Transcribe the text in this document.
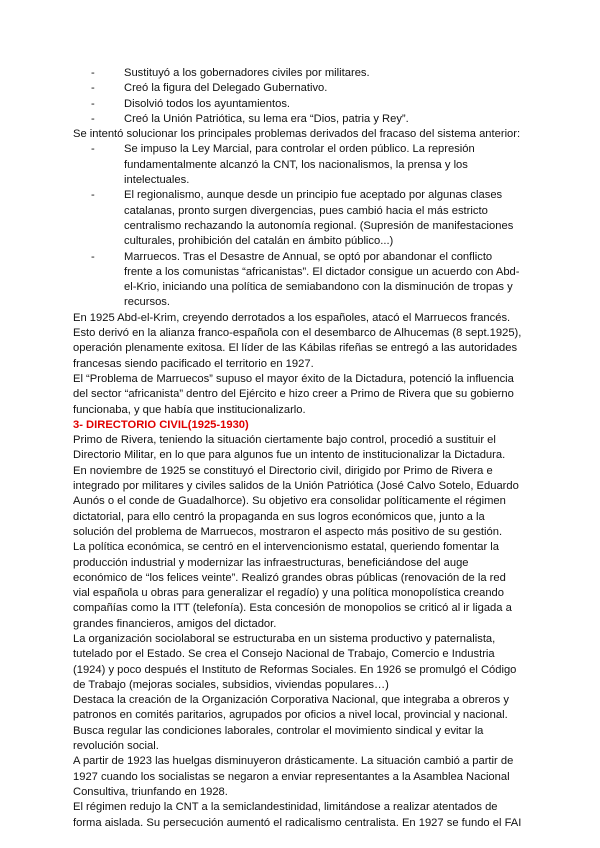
-	Sustituyó a los gobernadores civiles por militares.
-	Creó la figura del Delegado Gubernativo.
-	Disolvió todos los ayuntamientos.
-	Creó la Unión Patriótica, su lema era “Dios, patria y Rey”.

Se intentó solucionar los principales problemas derivados del fracaso del sistema anterior:

-	Se impuso la Ley Marcial, para controlar el orden público. La represión fundamentalmente alcanzó la CNT, los nacionalismos, la prensa y los intelectuales.
-	El regionalismo, aunque desde un principio fue aceptado por algunas clases catalanas, pronto surgen divergencias, pues cambió hacia el más estricto centralismo rechazando la autonomía regional. (Supresión de manifestaciones culturales, prohibición del catalán en ámbito público...)
-	Marruecos. Tras el Desastre de Annual, se optó por abandonar el conflicto frente a los comunistas “africanistas”. El dictador consigue un acuerdo con Abd-el-Krio, iniciando una política de semiabandono con la disminución de tropas y recursos.

En 1925 Abd-el-Krim, creyendo derrotados a los españoles, atacó el Marruecos francés. Esto derivó en la alianza franco-española con el desembarco de Alhucemas (8 sept.1925), operación plenamente exitosa. El líder de las Kábilas rifeñas se entregó a las autoridades francesas siendo pacificado el territorio en 1927.

El “Problema de Marruecos” supuso el mayor éxito de la Dictadura, potenció la influencia del sector “africanista” dentro del Ejército e hizo creer a Primo de Rivera que su gobierno funcionaba, y que había que institucionalizarlo.

3- DIRECTORIO CIVIL(1925-1930)

Primo de Rivera, teniendo la situación ciertamente bajo control, procedió a sustituir el Directorio Militar, en lo que para algunos fue un intento de institucionalizar la Dictadura.

En noviembre de 1925 se constituyó el Directorio civil, dirigido por Primo de Rivera e integrado por militares y civiles salidos de la Unión Patriótica (José Calvo Sotelo, Eduardo Aunós o el conde de Guadalhorce). Su objetivo era consolidar políticamente el régimen dictatorial, para ello centró la propaganda en sus logros económicos que, junto a la solución del problema de Marruecos, mostraron el aspecto más positivo de su gestión.

La política económica, se centró en el intervencionismo estatal, queriendo fomentar la producción industrial y modernizar las infraestructuras, beneficiándose del auge económico de “los felices veinte”. Realizó grandes obras públicas (renovación de la red vial española u obras para generalizar el regadío) y una política monopolística creando compañías como la ITT (telefonía). Esta concesión de monopolios se criticó al ir ligada a grandes financieros, amigos del dictador.

La organización sociolaboral se estructuraba en un sistema productivo y paternalista, tutelado por el Estado. Se crea el Consejo Nacional de Trabajo, Comercio e Industria (1924) y poco después el Instituto de Reformas Sociales. En 1926 se promulgó el Código de Trabajo (mejoras sociales, subsidios, viviendas populares…)

Destaca la creación de la Organización Corporativa Nacional, que integraba a obreros y patronos en comités paritarios, agrupados por oficios a nivel local, provincial y nacional. Busca regular las condiciones laborales, controlar el movimiento sindical y evitar la revolución social.

A partir de 1923 las huelgas disminuyeron drásticamente. La situación cambió a partir de 1927 cuando los socialistas se negaron a enviar representantes a la Asamblea Nacional Consultiva, triunfando en 1928.

El régimen redujo la CNT a la semiclandestinidad, limitándose a realizar atentados de forma aislada. Su persecución aumentó el radicalismo centralista. En 1927 se fundo el FAI
